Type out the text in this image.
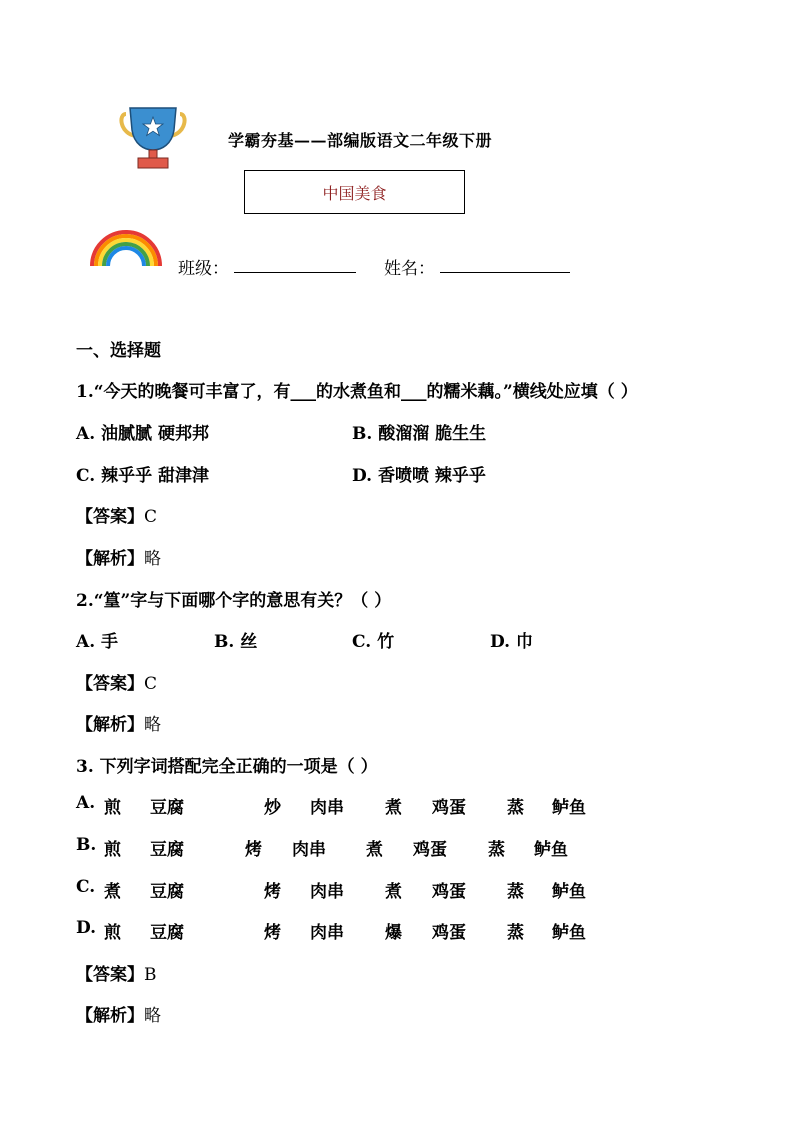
学霸夯基——部编版语文二年级下册
中国美食
班级：	姓名：
一、选择题
1.“今天的晚餐可丰富了，有___的水煮鱼和___的糯米藕。”横线处应填（ ）
A. 油腻腻 硬邦邦	B. 酸溜溜 脆生生
C. 辣乎乎 甜津津	D. 香喷喷 辣乎乎
【答案】C
【解析】略
2.“篁”字与下面哪个字的意思有关？（ ）
A. 手	B. 丝	C. 竹	D. 巾
【答案】C
【解析】略
3. 下列字词搭配完全正确的一项是（ ）
A. 煎 豆腐	炒 肉串 煮 鸡蛋 蒸 鲈鱼
B. 煎 豆腐	烤 肉串 煮 鸡蛋 蒸 鲈鱼
C. 煮 豆腐	烤 肉串 煮 鸡蛋 蒸 鲈鱼
D. 煎 豆腐	烤 肉串 爆 鸡蛋 蒸 鲈鱼
【答案】B
【解析】略
